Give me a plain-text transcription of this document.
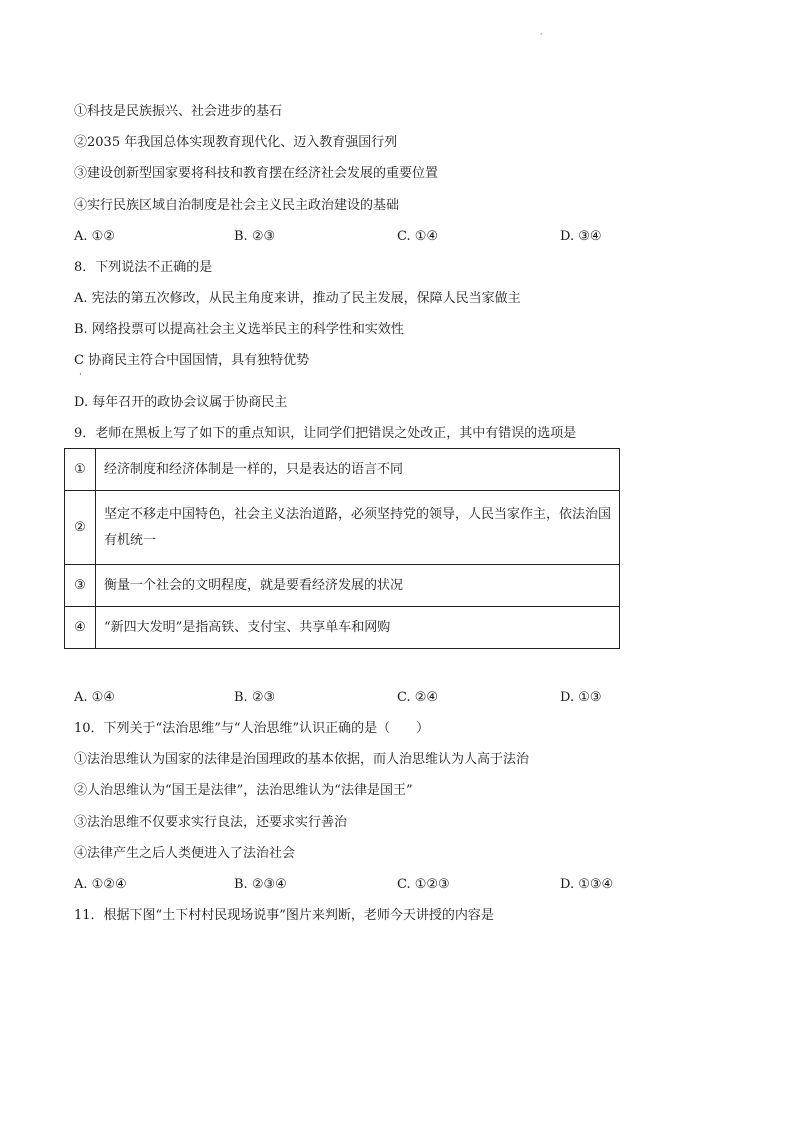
·
①科技是民族振兴、社会进步的基石
②2035 年我国总体实现教育现代化、迈入教育强国行列
③建设创新型国家要将科技和教育摆在经济社会发展的重要位置
④实行民族区域自治制度是社会主义民主政治建设的基础
A. ①②	B. ②③	C. ①④	D. ③④
8．下列说法不正确的是
A. 宪法的第五次修改，从民主角度来讲，推动了民主发展，保障人民当家做主
B. 网络投票可以提高社会主义选举民主的科学性和实效性
C 协商民主符合中国国情，具有独特优势
·
D. 每年召开的政协会议属于协商民主
9．老师在黑板上写了如下的重点知识，让同学们把错误之处改正，其中有错误的选项是
①	经济制度和经济体制是一样的，只是表达的语言不同
②	坚定不移走中国特色，社会主义法治道路，必须坚持党的领导，人民当家作主，依法治国有机统一
③	衡量一个社会的文明程度，就是要看经济发展的状况
④	“新四大发明”是指高铁、支付宝、共享单车和网购
A. ①④	B. ②③	C. ②④	D. ①③
10．下列关于“法治思维”与“人治思维”认识正确的是（　　）
①法治思维认为国家的法律是治国理政的基本依据，而人治思维认为人高于法治
②人治思维认为“国王是法律”，法治思维认为“法律是国王”
③法治思维不仅要求实行良法，还要求实行善治
④法律产生之后人类便进入了法治社会
A. ①②④	B. ②③④	C. ①②③	D. ①③④
11．根据下图“土下村村民现场说事”图片来判断，老师今天讲授的内容是
